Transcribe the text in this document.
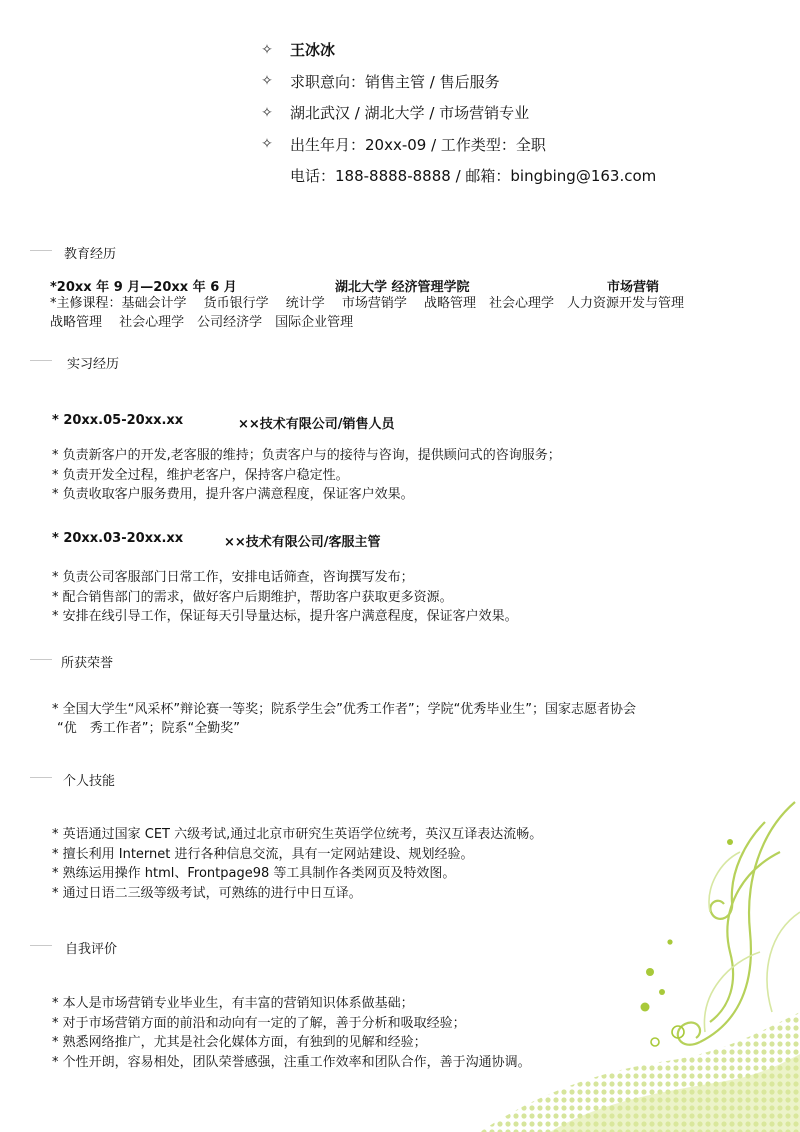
✧ 王冰冰
✧ 求职意向：销售主管 / 售后服务
✧ 湖北武汉 / 湖北大学 / 市场营销专业
✧ 出生年月：20xx-09 / 工作类型：全职
电话：188-8888-8888 / 邮箱：bingbing@163.com
教育经历
*20xx 年 9 月—20xx 年 6 月	湖北大学 经济管理学院	市场营销
*主修课程：基础会计学　 货币银行学　 统计学　 市场营销学　 战略管理　社会心理学　人力资源开发与管理
战略管理　 社会心理学　公司经济学　国际企业管理
实习经历
* 20xx.05-20xx.xx	××技术有限公司/销售人员
* 负责新客户的开发,老客服的维持；负责客户与的接待与咨询，提供顾问式的咨询服务；
* 负责开发全过程，维护老客户，保持客户稳定性。
* 负责收取客户服务费用，提升客户满意程度，保证客户效果。
* 20xx.03-20xx.xx	××技术有限公司/客服主管
* 负责公司客服部门日常工作，安排电话筛查，咨询撰写发布；
* 配合销售部门的需求，做好客户后期维护，帮助客户获取更多资源。
* 安排在线引导工作，保证每天引导量达标，提升客户满意程度，保证客户效果。
所获荣誉
* 全国大学生“风采杯”辩论赛一等奖；院系学生会”优秀工作者”；学院“优秀毕业生”；国家志愿者协会
“优　秀工作者”；院系“全勤奖”
个人技能
* 英语通过国家 CET 六级考试,通过北京市研究生英语学位统考，英汉互译表达流畅。
* 擅长利用 Internet 进行各种信息交流，具有一定网站建设、规划经验。
* 熟练运用操作 html、Frontpage98 等工具制作各类网页及特效图。
* 通过日语二三级等级考试，可熟练的进行中日互译。
自我评价
* 本人是市场营销专业毕业生，有丰富的营销知识体系做基础；
* 对于市场营销方面的前沿和动向有一定的了解，善于分析和吸取经验；
* 熟悉网络推广，尤其是社会化媒体方面，有独到的见解和经验；
* 个性开朗，容易相处，团队荣誉感强，注重工作效率和团队合作，善于沟通协调。
